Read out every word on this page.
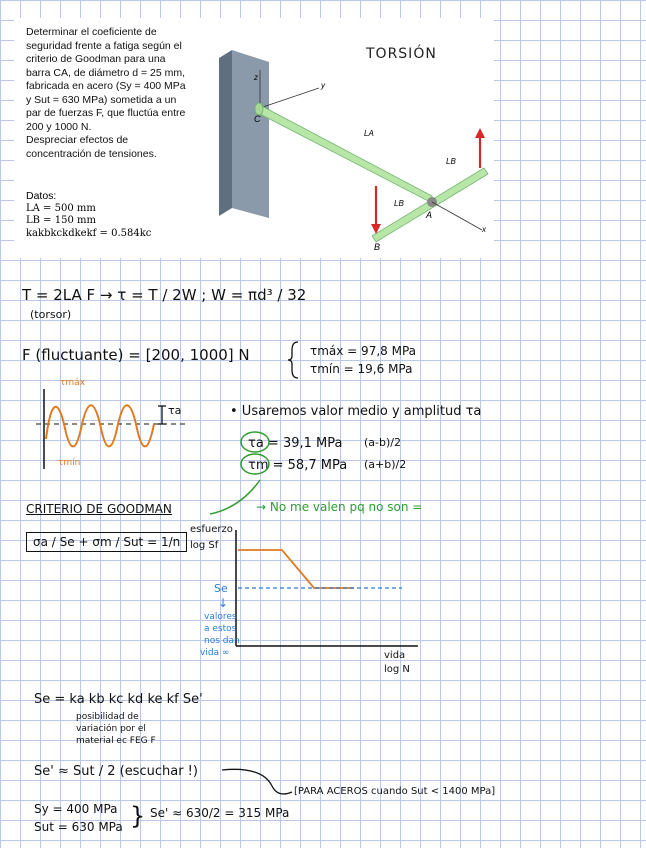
Determinar el coeficiente de

seguridad frente a fatiga según el

criterio de Goodman para una

barra CA, de diámetro d = 25 mm,

fabricada en acero (Sy = 400 MPa

y Sut = 630 MPa) sometida a un

par de fuerzas F, que fluctúa entre

200 y 1000 N.

Despreciar efectos de

concentración de tensiones.

Datos:
LA = 500 mm
LB = 150 mm
kakbkckdkekf = 0.584kc
TORSIÓN
z
y
C
x
A
B
LA
LB
LB
T = 2LA F → τ = T / 2W ; W = πd³ / 32
(torsor)
F (fluctuante) = [200, 1000] N	τmáx = 97,8 MPa
τmín = 19,6 MPa
τmáx
τmín
τa	• Usaremos valor medio y amplitud τa
τa = 39,1 MPa (a-b)/2
τm = 58,7 MPa (a+b)/2
CRITERIO DE GOODMAN	→ No me valen pq no son =
σa / Se + σm / Sut = 1/n
esfuerzo
log Sf
Se
↓
valores
a estos
nos dan
vida ∞	vida
log N
Se = ka kb kc kd ke kf Se'
posibilidad de
variación por el
material ec FEG F
Se' ≈ Sut / 2 (escuchar !)
[PARA ACEROS cuando Sut < 1400 MPa]
Sy = 400 MPa
Sut = 630 MPa } Se' ≈ 630/2 = 315 MPa
